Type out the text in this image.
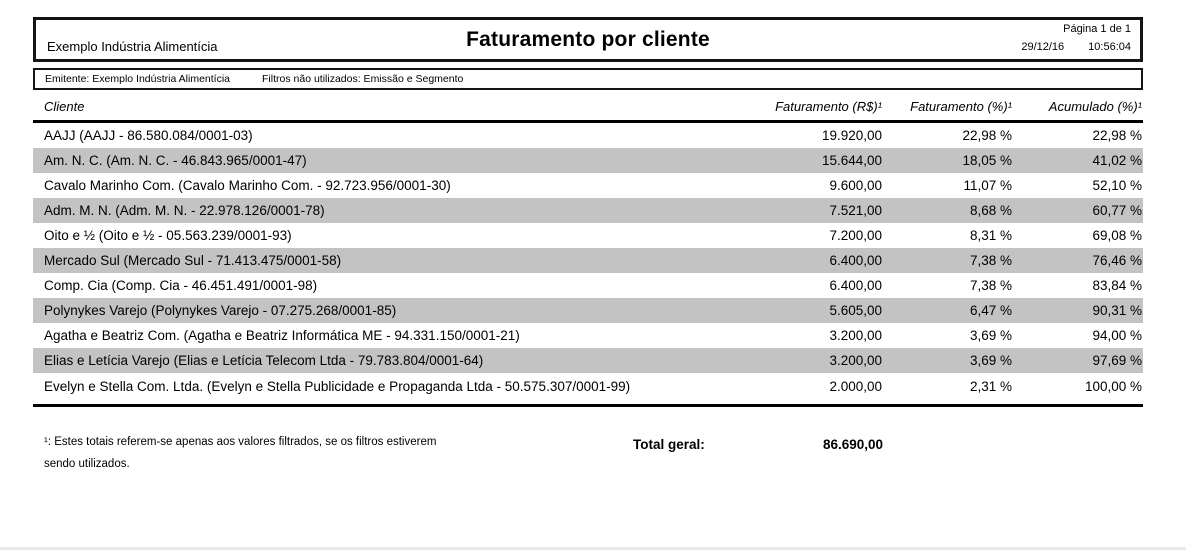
Exemplo Indústria Alimentícia	Faturamento por cliente	Página 1 de 1
29/12/16 10:56:04
Emitente: Exemplo Indústria Alimentícia	Filtros não utilizados: Emissão e Segmento
Cliente	Faturamento (R$)¹	Faturamento (%)¹	Acumulado (%)¹
AAJJ (AAJJ - 86.580.084/0001-03)	19.920,00	22,98 %	22,98 %
Am. N. C. (Am. N. C. - 46.843.965/0001-47)	15.644,00	18,05 %	41,02 %
Cavalo Marinho Com. (Cavalo Marinho Com. - 92.723.956/0001-30)	9.600,00	11,07 %	52,10 %
Adm. M. N. (Adm. M. N. - 22.978.126/0001-78)	7.521,00	8,68 %	60,77 %
Oito e ½ (Oito e ½ - 05.563.239/0001-93)	7.200,00	8,31 %	69,08 %
Mercado Sul (Mercado Sul - 71.413.475/0001-58)	6.400,00	7,38 %	76,46 %
Comp. Cia (Comp. Cia - 46.451.491/0001-98)	6.400,00	7,38 %	83,84 %
Polynykes Varejo (Polynykes Varejo - 07.275.268/0001-85)	5.605,00	6,47 %	90,31 %
Agatha e Beatriz Com. (Agatha e Beatriz Informática ME - 94.331.150/0001-21)	3.200,00	3,69 %	94,00 %
Elias e Letícia Varejo (Elias e Letícia Telecom Ltda - 79.783.804/0001-64)	3.200,00	3,69 %	97,69 %
Evelyn e Stella Com. Ltda. (Evelyn e Stella Publicidade e Propaganda Ltda - 50.575.307/0001-99)	2.000,00	2,31 %	100,00 %
¹: Estes totais referem-se apenas aos valores filtrados, se os filtros estiverem
sendo utilizados.
Total geral:	86.690,00
